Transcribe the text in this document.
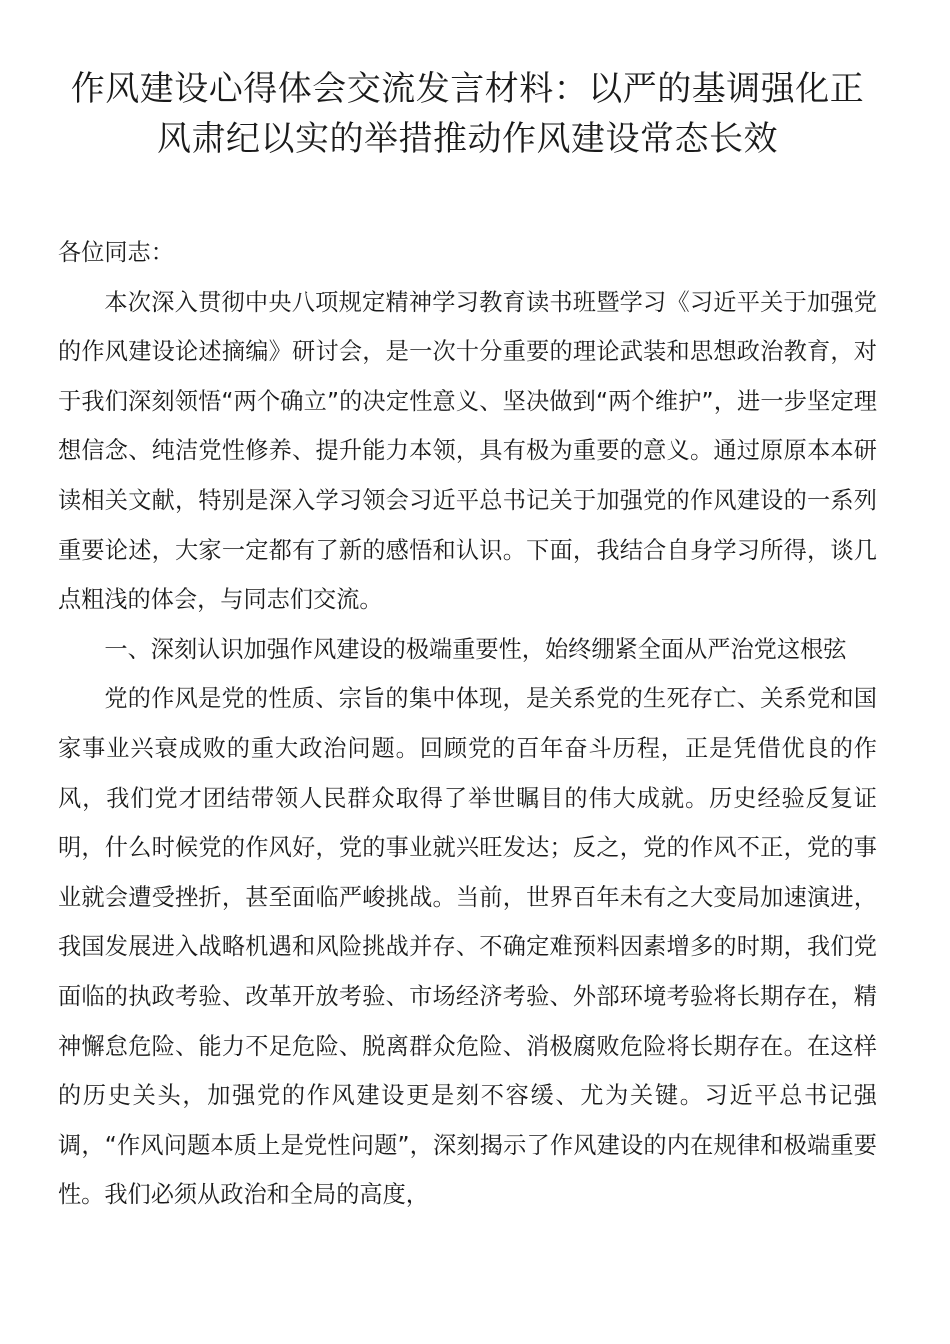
作风建设心得体会交流发言材料：以严的基调强化正
风肃纪以实的举措推动作风建设常态长效

各位同志：

本次深入贯彻中央八项规定精神学习教育读书班暨学习《习近平关于加强党的作风建设论述摘编》研讨会，是一次十分重要的理论武装和思想政治教育，对于我们深刻领悟“两个确立”的决定性意义、坚决做到“两个维护”，进一步坚定理想信念、纯洁党性修养、提升能力本领，具有极为重要的意义。通过原原本本研读相关文献，特别是深入学习领会习近平总书记关于加强党的作风建设的一系列重要论述，大家一定都有了新的感悟和认识。下面，我结合自身学习所得，谈几点粗浅的体会，与同志们交流。

一、深刻认识加强作风建设的极端重要性，始终绷紧全面从严治党这根弦

党的作风是党的性质、宗旨的集中体现，是关系党的生死存亡、关系党和国家事业兴衰成败的重大政治问题。回顾党的百年奋斗历程，正是凭借优良的作风，我们党才团结带领人民群众取得了举世瞩目的伟大成就。历史经验反复证明，什么时候党的作风好，党的事业就兴旺发达；反之，党的作风不正，党的事业就会遭受挫折，甚至面临严峻挑战。当前，世界百年未有之大变局加速演进，我国发展进入战略机遇和风险挑战并存、不确定难预料因素增多的时期，我们党面临的执政考验、改革开放考验、市场经济考验、外部环境考验将长期存在，精神懈怠危险、能力不足危险、脱离群众危险、消极腐败危险将长期存在。在这样的历史关头，加强党的作风建设更是刻不容缓、尤为关键。习近平总书记强调，“作风问题本质上是党性问题”，深刻揭示了作风建设的内在规律和极端重要性。我们必须从政治和全局的高度，
